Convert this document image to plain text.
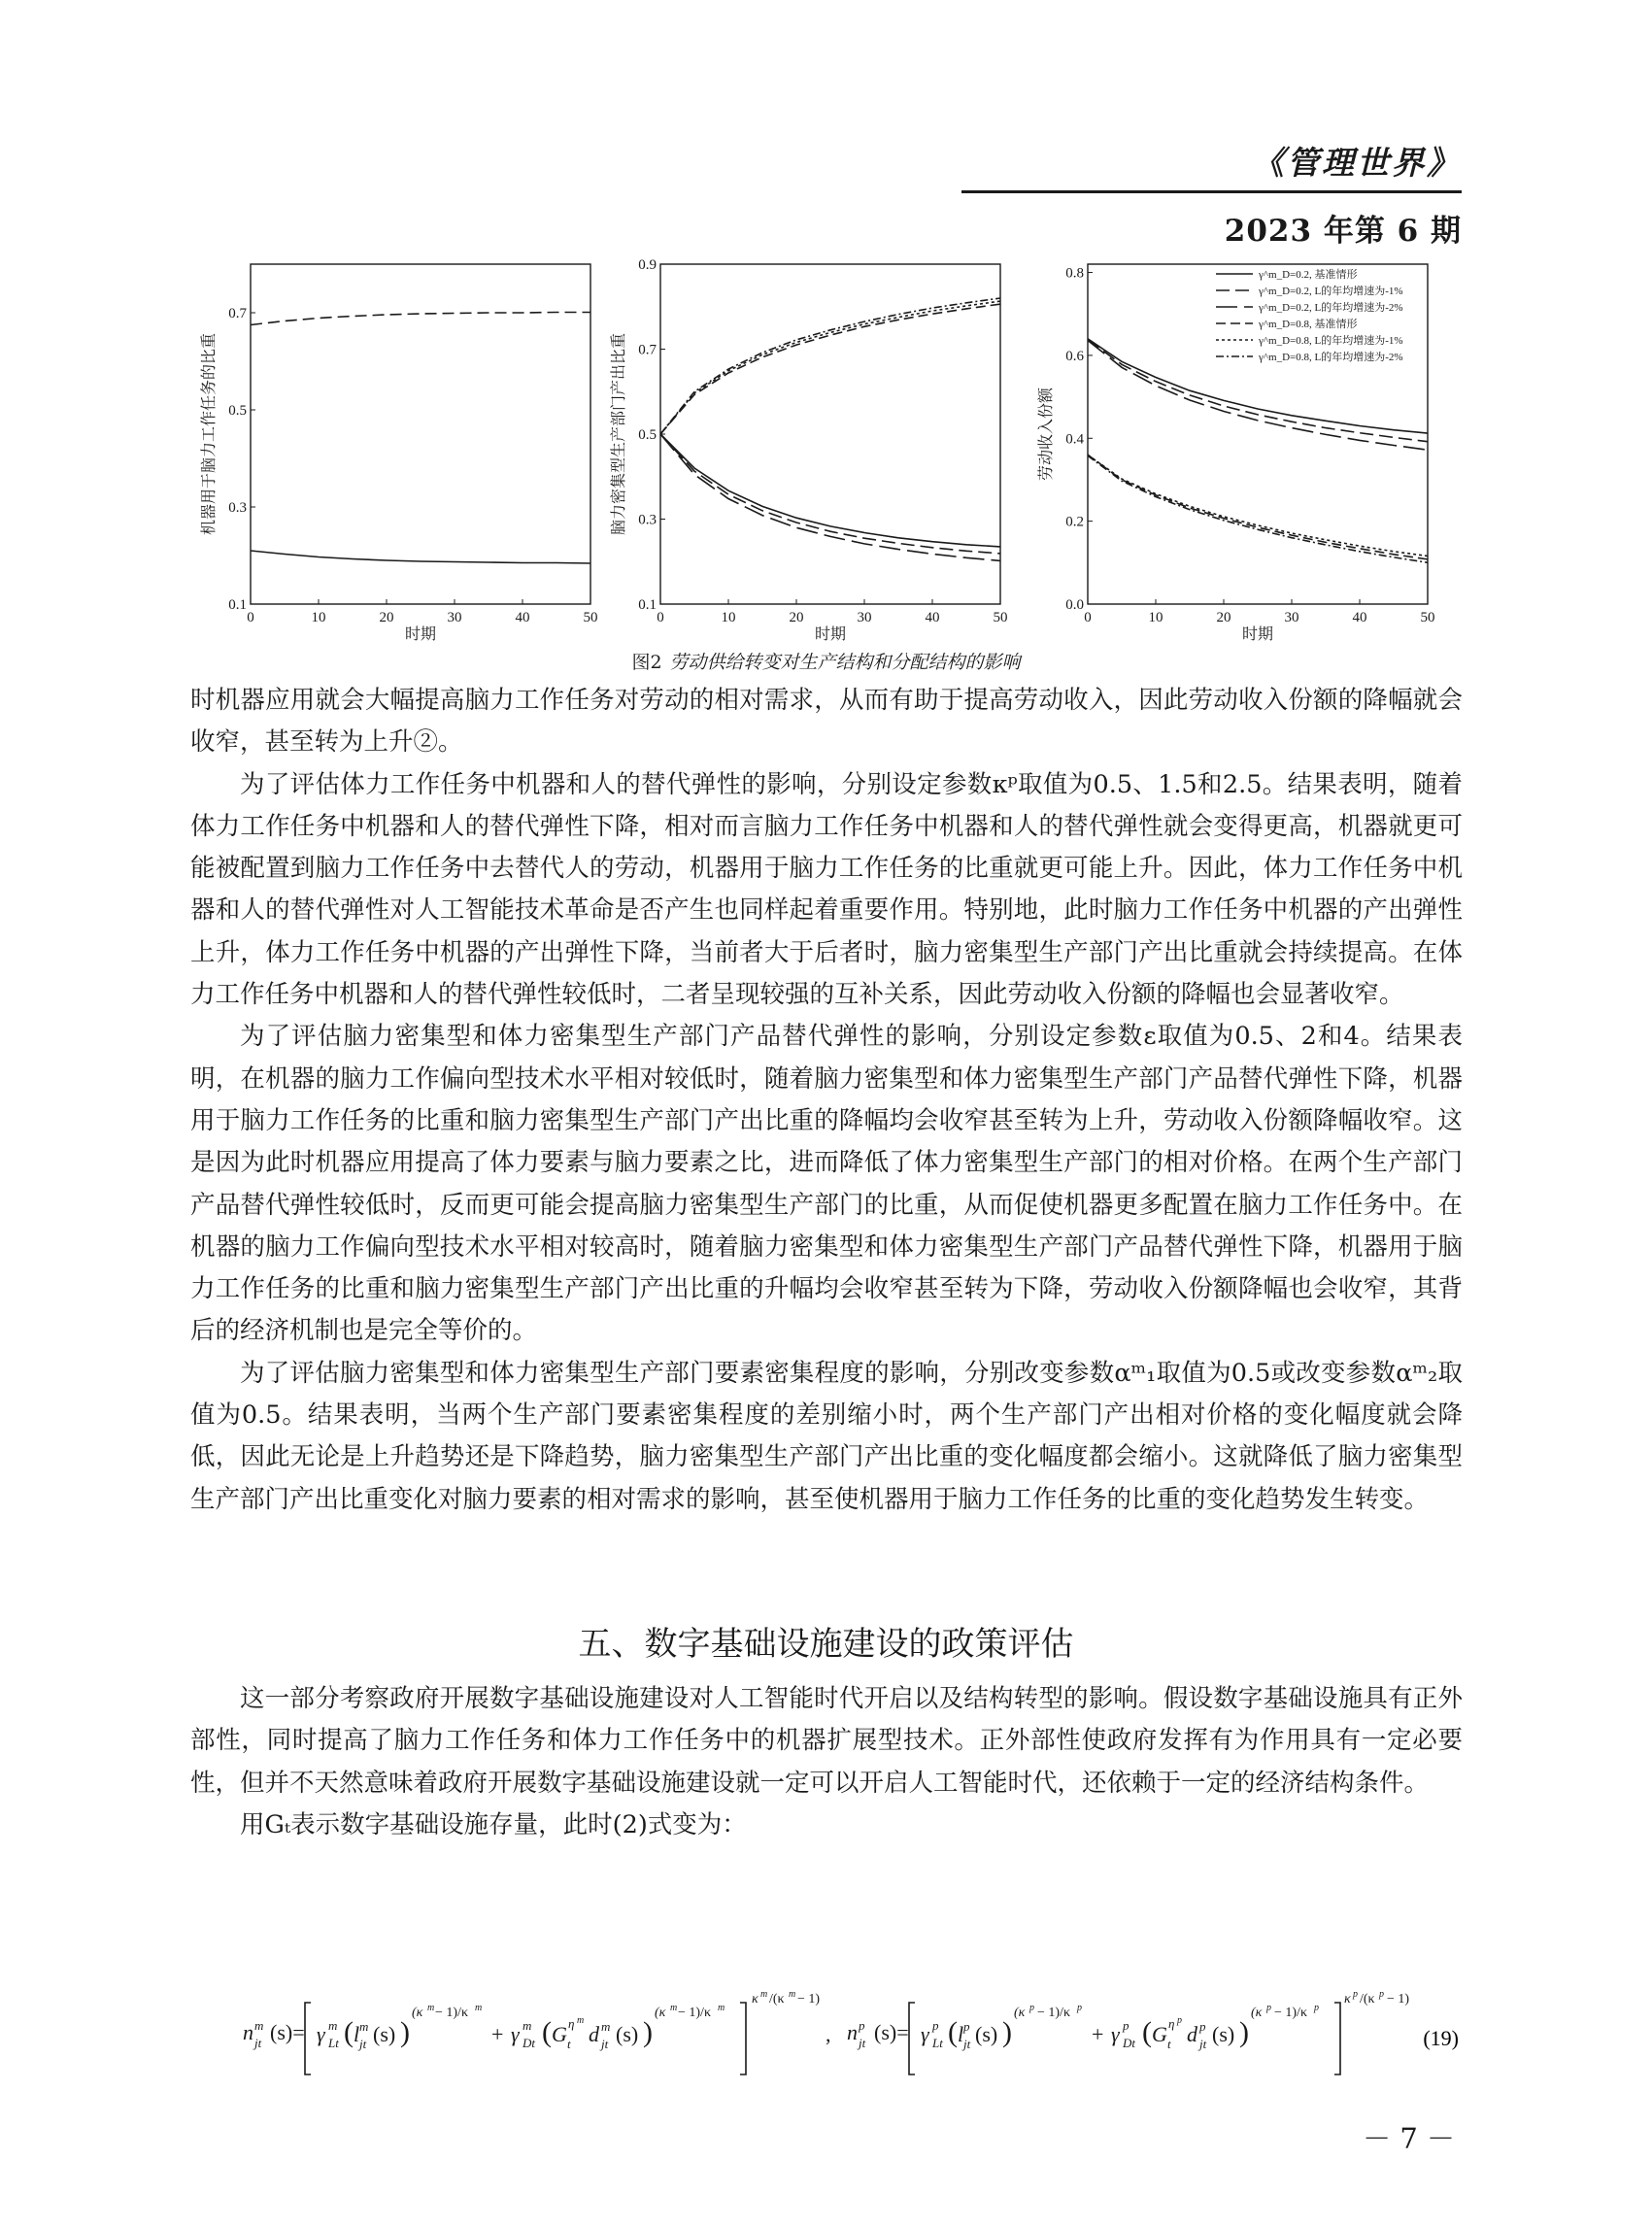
《管理世界》
2023 年第 6 期
0	10	20	30	40	50
0.1
0.3
0.5
0.7
时期
机器用于脑力工作任务的比重
0	10	20	30	40	50
0.1
0.3
0.5
0.7
0.9
时期
脑力密集型生产部门产出比重
0	10	20	30	40	50
0.0
0.2
0.4
0.6
0.8
时期
劳动收入份额
γ^m_D=0.2, 基准情形
γ^m_D=0.2, L的年均增速为-1%
γ^m_D=0.2, L的年均增速为-2%
γ^m_D=0.8, 基准情形
γ^m_D=0.8, L的年均增速为-1%
γ^m_D=0.8, L的年均增速为-2%
图2 劳动供给转变对生产结构和分配结构的影响

时机器应用就会大幅提高脑力工作任务对劳动的相对需求，从而有助于提高劳动收入，因此劳动收入份额的降幅就会收窄，甚至转为上升②。

为了评估体力工作任务中机器和人的替代弹性的影响，分别设定参数κᵖ取值为0.5、1.5和2.5。结果表明，随着体力工作任务中机器和人的替代弹性下降，相对而言脑力工作任务中机器和人的替代弹性就会变得更高，机器就更可能被配置到脑力工作任务中去替代人的劳动，机器用于脑力工作任务的比重就更可能上升。因此，体力工作任务中机器和人的替代弹性对人工智能技术革命是否产生也同样起着重要作用。特别地，此时脑力工作任务中机器的产出弹性上升，体力工作任务中机器的产出弹性下降，当前者大于后者时，脑力密集型生产部门产出比重就会持续提高。在体力工作任务中机器和人的替代弹性较低时，二者呈现较强的互补关系，因此劳动收入份额的降幅也会显著收窄。

为了评估脑力密集型和体力密集型生产部门产品替代弹性的影响，分别设定参数ε取值为0.5、2和4。结果表明，在机器的脑力工作偏向型技术水平相对较低时，随着脑力密集型和体力密集型生产部门产品替代弹性下降，机器用于脑力工作任务的比重和脑力密集型生产部门产出比重的降幅均会收窄甚至转为上升，劳动收入份额降幅收窄。这是因为此时机器应用提高了体力要素与脑力要素之比，进而降低了体力密集型生产部门的相对价格。在两个生产部门产品替代弹性较低时，反而更可能会提高脑力密集型生产部门的比重，从而促使机器更多配置在脑力工作任务中。在机器的脑力工作偏向型技术水平相对较高时，随着脑力密集型和体力密集型生产部门产品替代弹性下降，机器用于脑力工作任务的比重和脑力密集型生产部门产出比重的升幅均会收窄甚至转为下降，劳动收入份额降幅也会收窄，其背后的经济机制也是完全等价的。

为了评估脑力密集型和体力密集型生产部门要素密集程度的影响，分别改变参数αᵐ₁取值为0.5或改变参数αᵐ₂取值为0.5。结果表明，当两个生产部门要素密集程度的差别缩小时，两个生产部门产出相对价格的变化幅度就会降低，因此无论是上升趋势还是下降趋势，脑力密集型生产部门产出比重的变化幅度都会缩小。这就降低了脑力密集型生产部门产出比重变化对脑力要素的相对需求的影响，甚至使机器用于脑力工作任务的比重的变化趋势发生转变。

五、数字基础设施建设的政策评估

这一部分考察政府开展数字基础设施建设对人工智能时代开启以及结构转型的影响。假设数字基础设施具有正外部性，同时提高了脑力工作任务和体力工作任务中的机器扩展型技术。正外部性使政府发挥有为作用具有一定必要性，但并不天然意味着政府开展数字基础设施建设就一定可以开启人工智能时代，还依赖于一定的经济结构条件。

用Gₜ表示数字基础设施存量，此时(2)式变为：

n m
jt (s)= γ m
Lt ( l m
jt (s) )
(κ m − 1)/κ m
+ γ m
Dt ( G η m
t d m
jt (s) )
(κ m − 1)/κ m
κ m /(κ m − 1)
, n p
jt (s)= γ p
Lt ( l p
jt (s) )
(κ p − 1)/κ p
+ γ p
Dt ( G η p
t d p
jt (s) )
(κ p − 1)/κ p
κ p /(κ p − 1)
(19)
－ 7 －
